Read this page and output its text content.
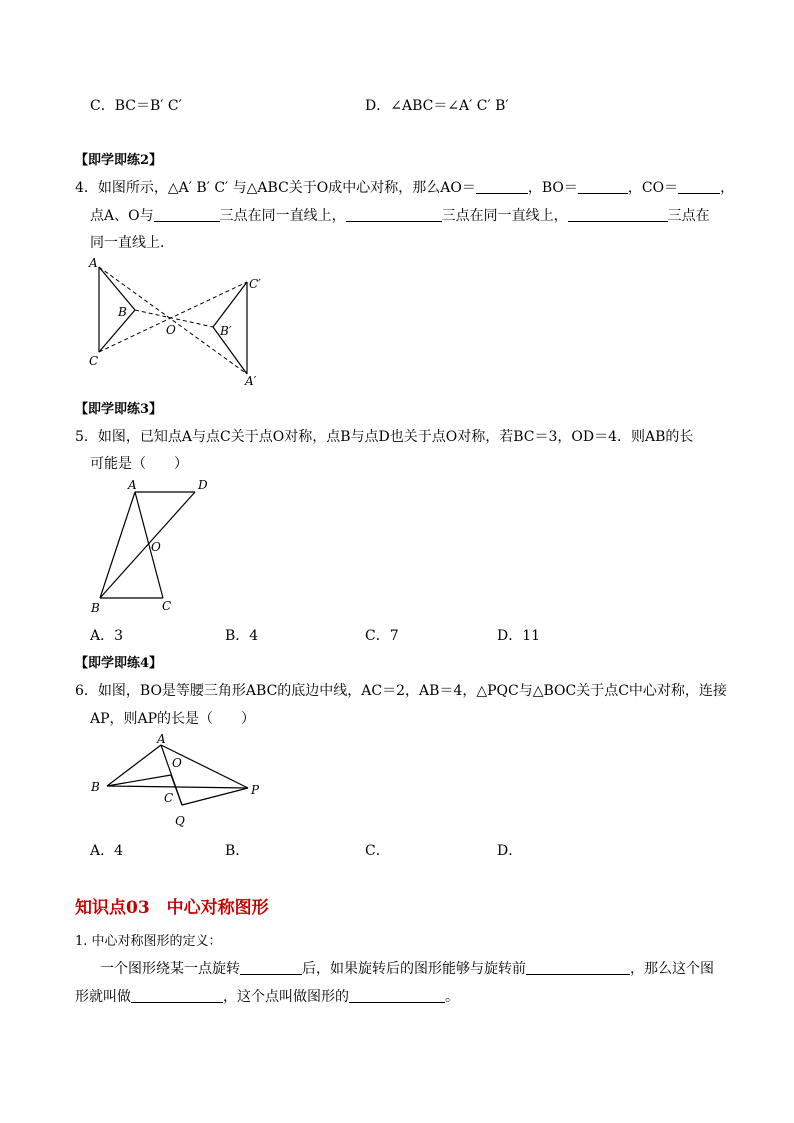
C．BC＝B′ C′	D．∠ABC＝∠A′ C′ B′
【即学即练2】
4．如图所示，△A′ B′ C′ 与△ABC关于O成中心对称，那么AO＝	，BO＝	，CO＝	，
点A、O与	三点在同一直线上，	三点在同一直线上，	三点在
同一直线上．
A
B
C
O	B′
C′
A′
【即学即练3】
5．如图，已知点A与点C关于点O对称，点B与点D也关于点O对称，若BC＝3，OD＝4．则AB的长
可能是（　　）
A	D
O
B	C
A．3	B．4	C．7	D．11
【即学即练4】
6．如图，BO是等腰三角形ABC的底边中线，AC＝2，AB＝4，△PQC与△BOC关于点C中心对称，连接
AP，则AP的长是（　　）
A
O
B
C
P
Q
A．4	B．	C．	D．
知识点03　中心对称图形
1. 中心对称图形的定义：
一个图形绕某一点旋转	后，如果旋转后的图形能够与旋转前	，那么这个图
形就叫做	，这个点叫做图形的	。
